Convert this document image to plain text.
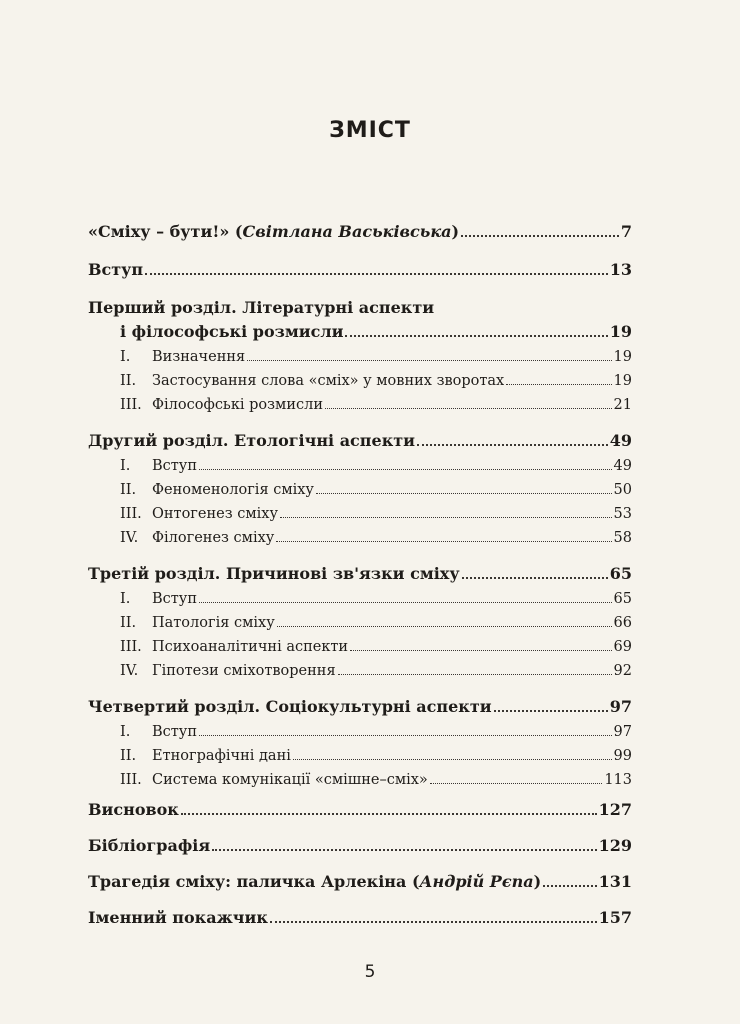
ЗМІСТ
«Сміху – бути!» (Світлана Васьківська)	7
Вступ	13
Перший розділ. Літературні аспекти
і філософські розмисли	19
І. Визначення	19
ІІ. Застосування слова «сміх» у мовних зворотах	19
ІІІ. Філософські розмисли	21
Другий розділ. Етологічні аспекти	49
І. Вступ	49
ІІ. Феноменологія сміху	50
ІІІ. Онтогенез сміху	53
IV. Філогенез сміху	58
Третій розділ. Причинові зв'язки сміху	65
І. Вступ	65
ІІ. Патологія сміху	66
ІІІ. Психоаналітичні аспекти	69
IV. Гіпотези сміхотворення	92
Четвертий розділ. Соціокультурні аспекти	97
І. Вступ	97
ІІ. Етнографічні дані	99
ІІІ. Система комунікації «смішне–сміх»	113
Висновок	127
Бібліографія	129
Трагедія сміху: паличка Арлекіна (Андрій Рєпа)	131
Іменний покажчик	157
5
